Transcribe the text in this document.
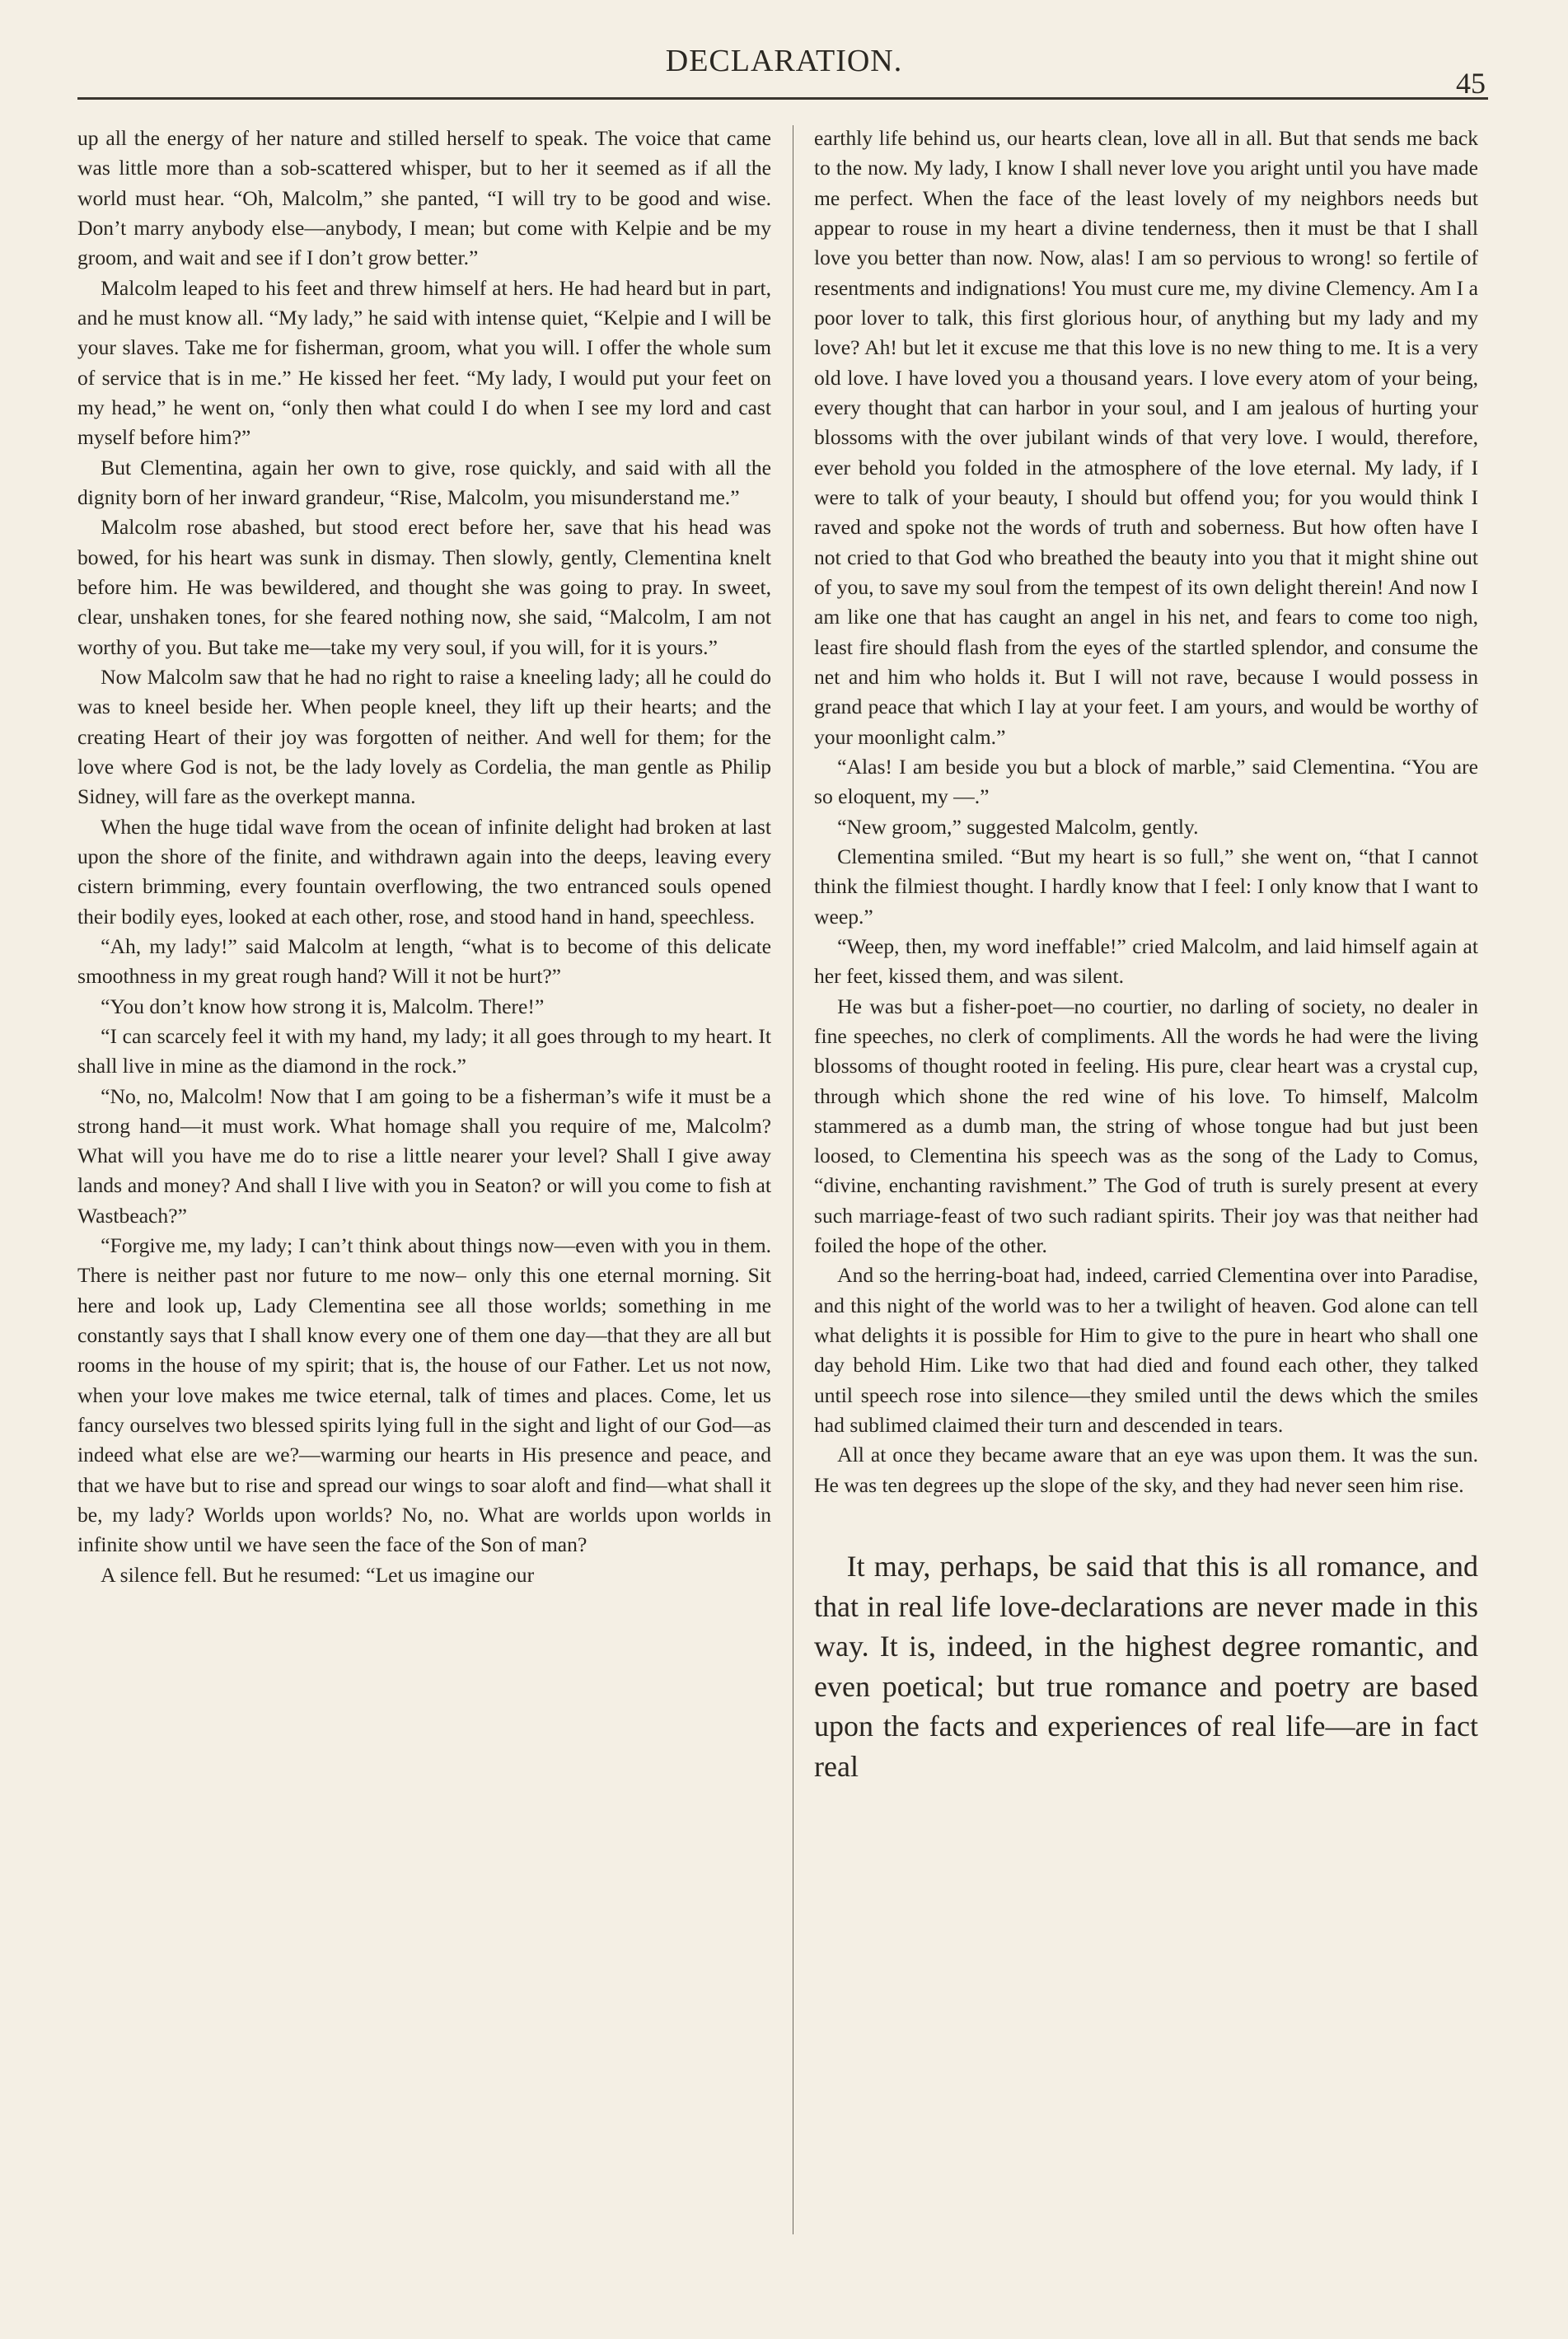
DECLARATION.
45

up all the energy of her nature and stilled herself to speak. The voice that came was little more than a sob-scattered whisper, but to her it seemed as if all the world must hear. “Oh, Malcolm,” she panted, “I will try to be good and wise. Don’t marry anybody else—anybody, I mean; but come with Kelpie and be my groom, and wait and see if I don’t grow better.”

Malcolm leaped to his feet and threw himself at hers. He had heard but in part, and he must know all. “My lady,” he said with intense quiet, “Kelpie and I will be your slaves. Take me for fisherman, groom, what you will. I offer the whole sum of service that is in me.” He kissed her feet. “My lady, I would put your feet on my head,” he went on, “only then what could I do when I see my lord and cast myself before him?”

But Clementina, again her own to give, rose quickly, and said with all the dignity born of her inward grandeur, “Rise, Malcolm, you misunderstand me.”

Malcolm rose abashed, but stood erect before her, save that his head was bowed, for his heart was sunk in dismay. Then slowly, gently, Clementina knelt before him. He was bewildered, and thought she was going to pray. In sweet, clear, unshaken tones, for she feared nothing now, she said, “Malcolm, I am not worthy of you. But take me—take my very soul, if you will, for it is yours.”

Now Malcolm saw that he had no right to raise a kneeling lady; all he could do was to kneel beside her. When people kneel, they lift up their hearts; and the creating Heart of their joy was forgotten of neither. And well for them; for the love where God is not, be the lady lovely as Cordelia, the man gentle as Philip Sidney, will fare as the overkept manna.

When the huge tidal wave from the ocean of infinite delight had broken at last upon the shore of the finite, and withdrawn again into the deeps, leaving every cistern brimming, every fountain overflowing, the two entranced souls opened their bodily eyes, looked at each other, rose, and stood hand in hand, speechless.

“Ah, my lady!” said Malcolm at length, “what is to become of this delicate smoothness in my great rough hand? Will it not be hurt?”

“You don’t know how strong it is, Malcolm. There!”

“I can scarcely feel it with my hand, my lady; it all goes through to my heart. It shall live in mine as the diamond in the rock.”

“No, no, Malcolm! Now that I am going to be a fisherman’s wife it must be a strong hand—it must work. What homage shall you require of me, Malcolm? What will you have me do to rise a little nearer your level? Shall I give away lands and money? And shall I live with you in Seaton? or will you come to fish at Wastbeach?”

“Forgive me, my lady; I can’t think about things now—even with you in them. There is neither past nor future to me now– only this one eternal morning. Sit here and look up, Lady Clementina see all those worlds; something in me constantly says that I shall know every one of them one day—that they are all but rooms in the house of my spirit; that is, the house of our Father. Let us not now, when your love makes me twice eternal, talk of times and places. Come, let us fancy ourselves two blessed spirits lying full in the sight and light of our God—as indeed what else are we?—warming our hearts in His presence and peace, and that we have but to rise and spread our wings to soar aloft and find—what shall it be, my lady? Worlds upon worlds? No, no. What are worlds upon worlds in infinite show until we have seen the face of the Son of man?

A silence fell. But he resumed: “Let us imagine our

earthly life behind us, our hearts clean, love all in all. But that sends me back to the now. My lady, I know I shall never love you aright until you have made me perfect. When the face of the least lovely of my neighbors needs but appear to rouse in my heart a divine tenderness, then it must be that I shall love you better than now. Now, alas! I am so pervious to wrong! so fertile of resentments and indignations! You must cure me, my divine Clemency. Am I a poor lover to talk, this first glorious hour, of anything but my lady and my love? Ah! but let it excuse me that this love is no new thing to me. It is a very old love. I have loved you a thousand years. I love every atom of your being, every thought that can harbor in your soul, and I am jealous of hurting your blossoms with the over jubilant winds of that very love. I would, therefore, ever behold you folded in the atmosphere of the love eternal. My lady, if I were to talk of your beauty, I should but offend you; for you would think I raved and spoke not the words of truth and soberness. But how often have I not cried to that God who breathed the beauty into you that it might shine out of you, to save my soul from the tempest of its own delight therein! And now I am like one that has caught an angel in his net, and fears to come too nigh, least fire should flash from the eyes of the startled splendor, and consume the net and him who holds it. But I will not rave, because I would possess in grand peace that which I lay at your feet. I am yours, and would be worthy of your moonlight calm.”

“Alas! I am beside you but a block of marble,” said Clementina. “You are so eloquent, my —.”

“New groom,” suggested Malcolm, gently.

Clementina smiled. “But my heart is so full,” she went on, “that I cannot think the filmiest thought. I hardly know that I feel: I only know that I want to weep.”

“Weep, then, my word ineffable!” cried Malcolm, and laid himself again at her feet, kissed them, and was silent.

He was but a fisher-poet—no courtier, no darling of society, no dealer in fine speeches, no clerk of compliments. All the words he had were the living blossoms of thought rooted in feeling. His pure, clear heart was a crystal cup, through which shone the red wine of his love. To himself, Malcolm stammered as a dumb man, the string of whose tongue had but just been loosed, to Clementina his speech was as the song of the Lady to Comus, “divine, enchanting ravishment.” The God of truth is surely present at every such marriage-feast of two such radiant spirits. Their joy was that neither had foiled the hope of the other.

And so the herring-boat had, indeed, carried Clementina over into Paradise, and this night of the world was to her a twilight of heaven. God alone can tell what delights it is possible for Him to give to the pure in heart who shall one day behold Him. Like two that had died and found each other, they talked until speech rose into silence—they smiled until the dews which the smiles had sublimed claimed their turn and descended in tears.

All at once they became aware that an eye was upon them. It was the sun. He was ten degrees up the slope of the sky, and they had never seen him rise.

It may, perhaps, be said that this is all romance, and that in real life love-declarations are never made in this way. It is, indeed, in the highest degree romantic, and even poetical; but true romance and poetry are based upon the facts and experiences of real life—are in fact real
